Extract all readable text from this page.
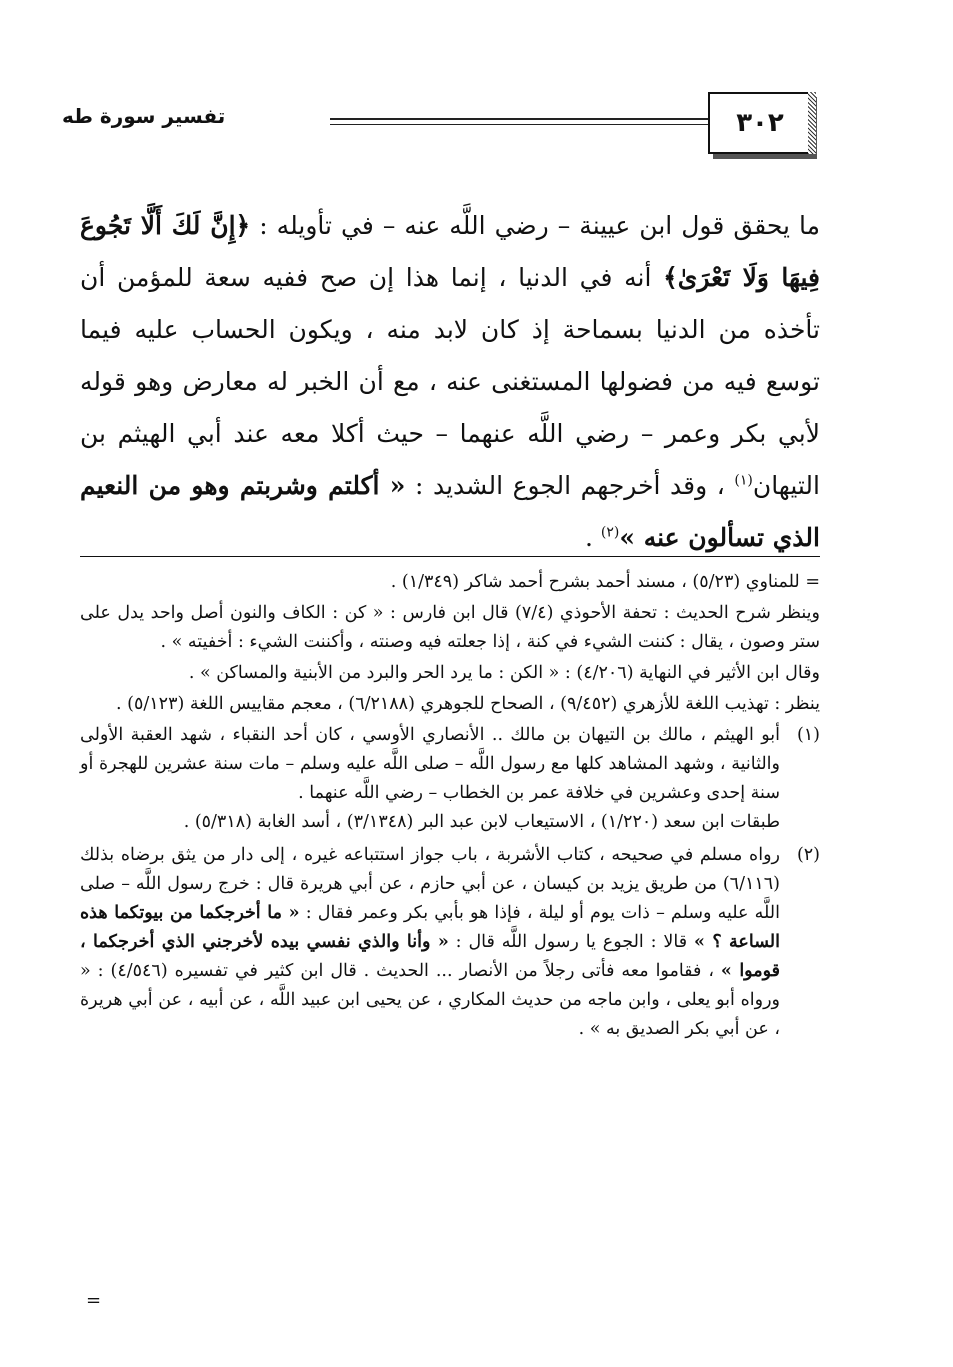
تفسير سورة طه	٣٠٢

ما يحقق قول ابن عيينة – رضي اللَّه عنه – في تأويله : ﴿إِنَّ لَكَ أَلَّا تَجُوعَ فِيهَا وَلَا تَعْرَىٰ﴾ أنه في الدنيا ، إنما هذا إن صح ففيه سعة للمؤمن أن تأخذه من الدنيا بسماحة إذ كان لابد منه ، ويكون الحساب عليه فيما توسع فيه من فضولها المستغنى عنه ، مع أن الخبر له معارض وهو قوله لأبي بكر وعمر – رضي اللَّه عنهما – حيث أكلا معه عند أبي الهيثم بن التيهان$^{(١)}$ ، وقد أخرجهم الجوع الشديد : « أكلتم وشربتم وهو من النعيم الذي تسألون عنه »$^{(٢)}$ .

= للمناوي (٥/٢٣) ، مسند أحمد بشرح أحمد شاكر (١/٣٤٩) .

وينظر شرح الحديث : تحفة الأحوذي (٧/٤) قال ابن فارس : « كن : الكاف والنون أصل واحد يدل على ستر وصون ، يقال : كننت الشيء في كنة ، إذا جعلته فيه وصنته ، وأكننت الشيء : أخفيته » .

وقال ابن الأثير في النهاية (٤/٢٠٦) : « الكن : ما يرد الحر والبرد من الأبنية والمساكن » .

ينظر : تهذيب اللغة للأزهري (٩/٤٥٢) ، الصحاح للجوهري (٦/٢١٨٨) ، معجم مقاييس اللغة (٥/١٢٣) .

(١)

أبو الهيثم ، مالك بن التيهان بن مالك .. الأنصاري الأوسي ، كان أحد النقباء ، شهد العقبة الأولى والثانية ، وشهد المشاهد كلها مع رسول اللَّه – صلى اللَّه عليه وسلم – مات سنة عشرين للهجرة أو سنة إحدى وعشرين في خلافة عمر بن الخطاب – رضي اللَّه عنهما .

طبقات ابن سعد (١/٢٢٠) ، الاستيعاب لابن عبد البر (٣/١٣٤٨) ، أسد الغابة (٥/٣١٨) .

(٢)

رواه مسلم في صحيحه ، كتاب الأشربة ، باب جواز استتباعه غيره ، إلى دار من يثق برضاه بذلك (٦/١١٦) من طريق يزيد بن كيسان ، عن أبي حازم ، عن أبي هريرة قال : خرج رسول اللَّه – صلى اللَّه عليه وسلم – ذات يوم أو ليلة ، فإذا هو بأبي بكر وعمر فقال : « ما أخرجكما من بيوتكما هذه الساعة ؟ » قالا : الجوع يا رسول اللَّه قال : « وأنا والذي نفسي بيده لأخرجني الذي أخرجكما ، قوموا » ، فقاموا معه فأتى رجلاً من الأنصار ... الحديث . قال ابن كثير في تفسيره (٤/٥٤٦) : « ورواه أبو يعلى ، وابن ماجه من حديث المكاري ، عن يحيى ابن عبيد اللَّه ، عن أبيه ، عن أبي هريرة ، عن أبي بكر الصديق به » .

=
